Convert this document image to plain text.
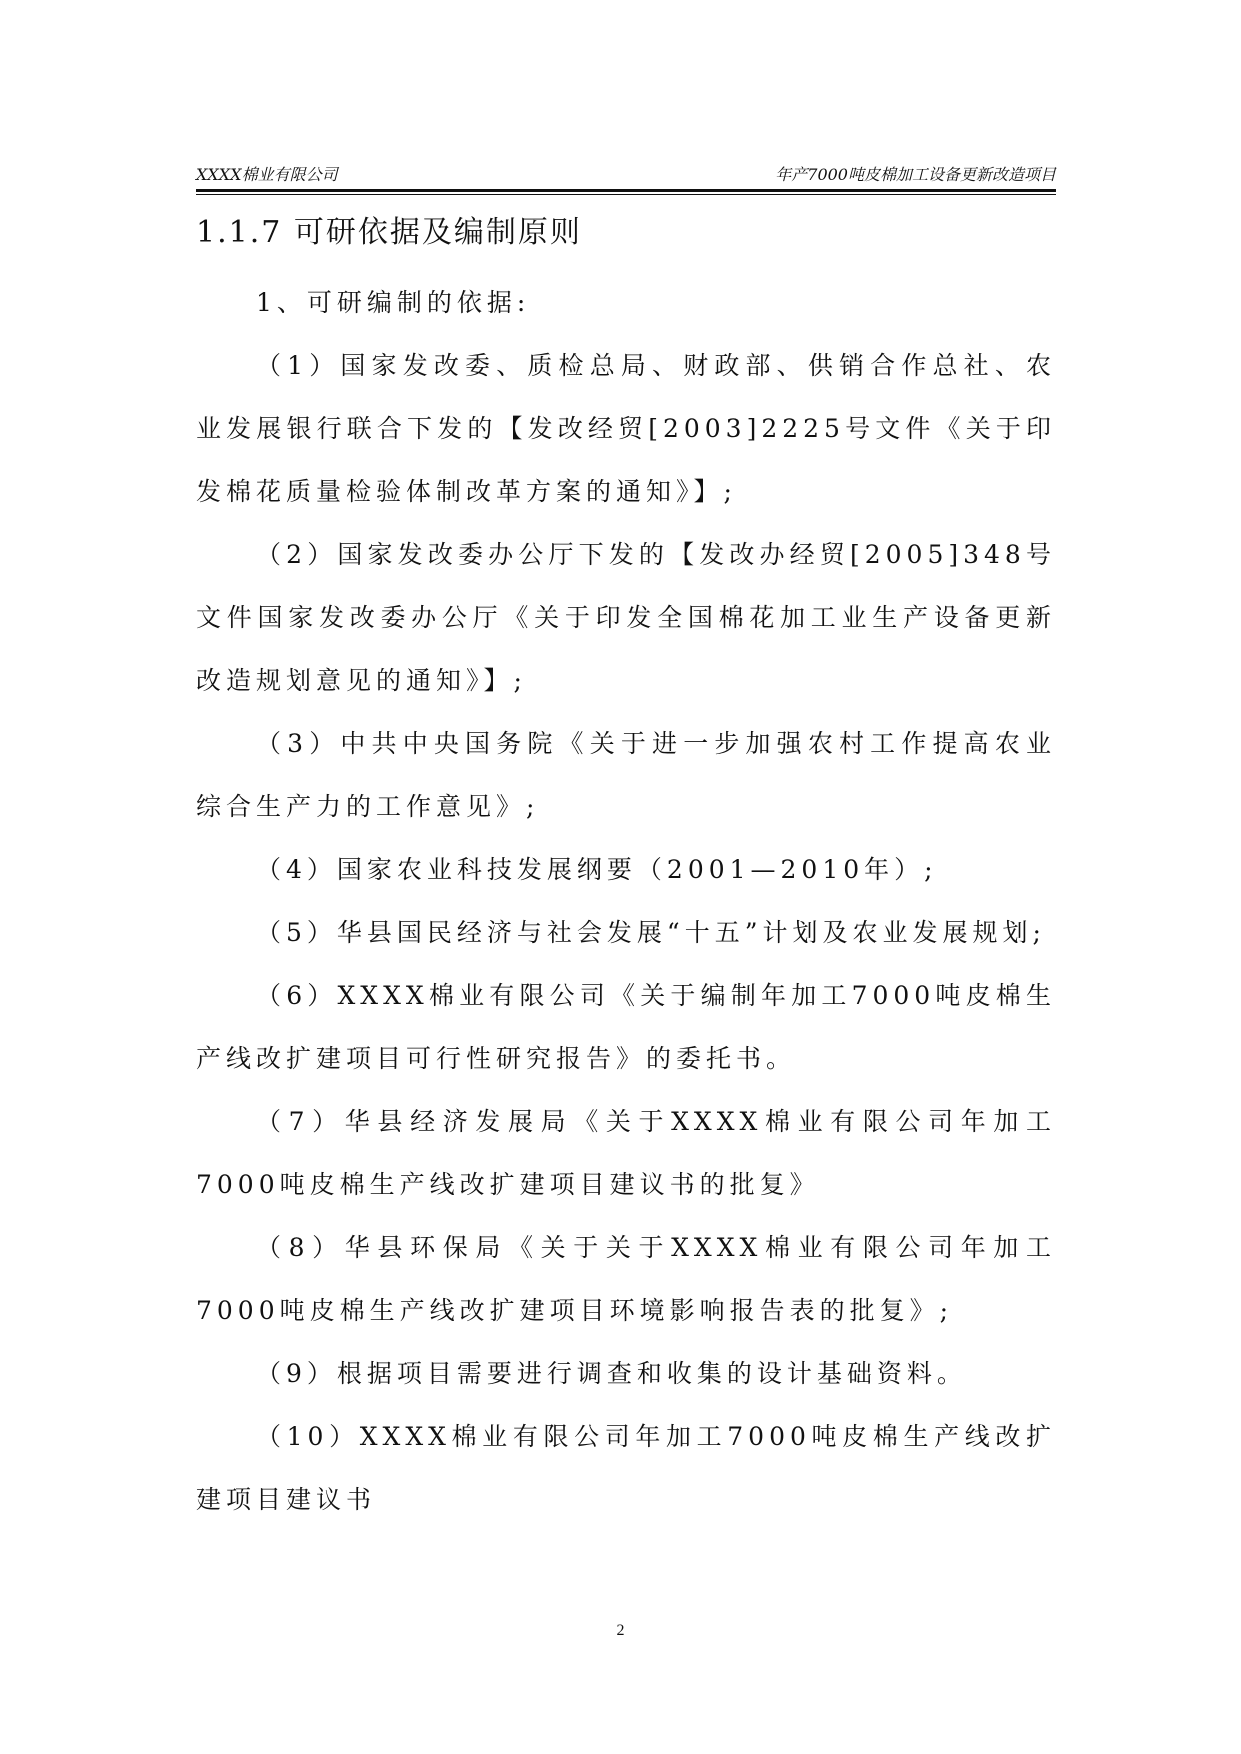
XXXX棉业有限公司	年产7000吨皮棉加工设备更新改造项目
1.1.7 可研依据及编制原则

1、可研编制的依据:

（1）国家发改委、质检总局、财政部、供销合作总社、农业发展银行联合下发的【发改经贸[2003]2225号文件《关于印发棉花质量检验体制改革方案的通知》】;

（2）国家发改委办公厅下发的【发改办经贸[2005]348号文件国家发改委办公厅《关于印发全国棉花加工业生产设备更新改造规划意见的通知》】;

（3）中共中央国务院《关于进一步加强农村工作提高农业综合生产力的工作意见》;

（4）国家农业科技发展纲要（2001—2010年）;

（5）华县国民经济与社会发展“十五”计划及农业发展规划;

（6）XXXX棉业有限公司《关于编制年加工7000吨皮棉生产线改扩建项目可行性研究报告》的委托书。

（7）华县经济发展局《关于XXXX棉业有限公司年加工7000吨皮棉生产线改扩建项目建议书的批复》

（8）华县环保局《关于关于XXXX棉业有限公司年加工7000吨皮棉生产线改扩建项目环境影响报告表的批复》;

（9）根据项目需要进行调查和收集的设计基础资料。

（10）XXXX棉业有限公司年加工7000吨皮棉生产线改扩建项目建议书

2
